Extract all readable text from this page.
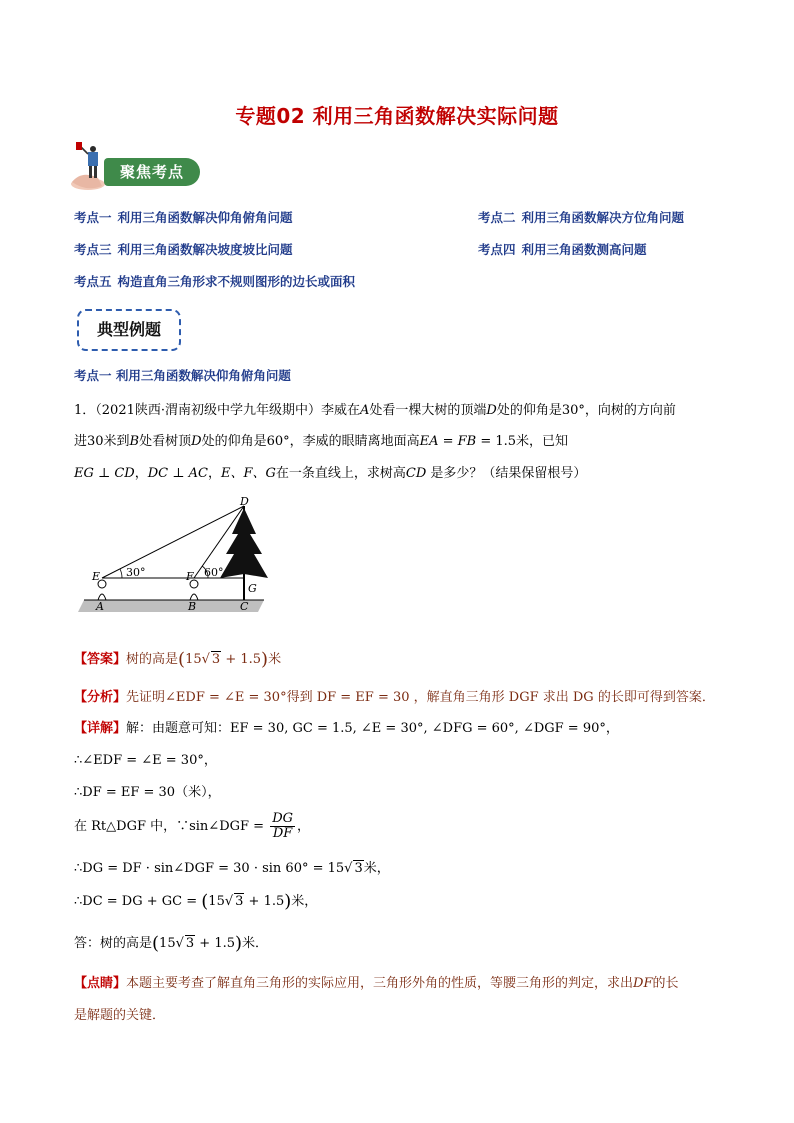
专题02 利用三角函数解决实际问题
聚焦考点
考点一 利用三角函数解决仰角俯角问题	考点二 利用三角函数解决方位角问题
考点三 利用三角函数解决坡度坡比问题	考点四 利用三角函数测高问题
考点五 构造直角三角形求不规则图形的边长或面积
典型例题
考点一 利用三角函数解决仰角俯角问题
1．（2021陕西·渭南初级中学九年级期中）李威在A处看一棵大树的顶端D处的仰角是30°，向树的方向前
进30米到B处看树顶D处的仰角是60°，李威的眼睛离地面高EA = FB = 1.5米，已知
EG ⊥ CD，DC ⊥ AC，E、F、G在一条直线上，求树高CD 是多少？（结果保留根号）
D
E	F
G
A	B	C
30°	60°
【答案】树的高是(15√ 3 + 1.5)米
【分析】先证明∠EDF = ∠E = 30°得到 DF = EF = 30 ，解直角三角形 DGF 求出 DG 的长即可得到答案．
【详解】解：由题意可知：EF = 30, GC = 1.5, ∠E = 30°, ∠DFG = 60°, ∠DGF = 90°，
∴∠EDF = ∠E = 30°，
∴DF = EF = 30（米），
在 Rt△DGF 中，∵sin∠DGF = $\frac{DG}{DF}$ ，
∴DG = DF · sin∠DGF = 30 · sin 60° = 15√ 3米，
∴DC = DG + GC = (15√ 3 + 1.5)米，
答：树的高是(15√ 3 + 1.5)米．
【点睛】本题主要考查了解直角三角形的实际应用，三角形外角的性质，等腰三角形的判定，求出DF的长
是解题的关键．
